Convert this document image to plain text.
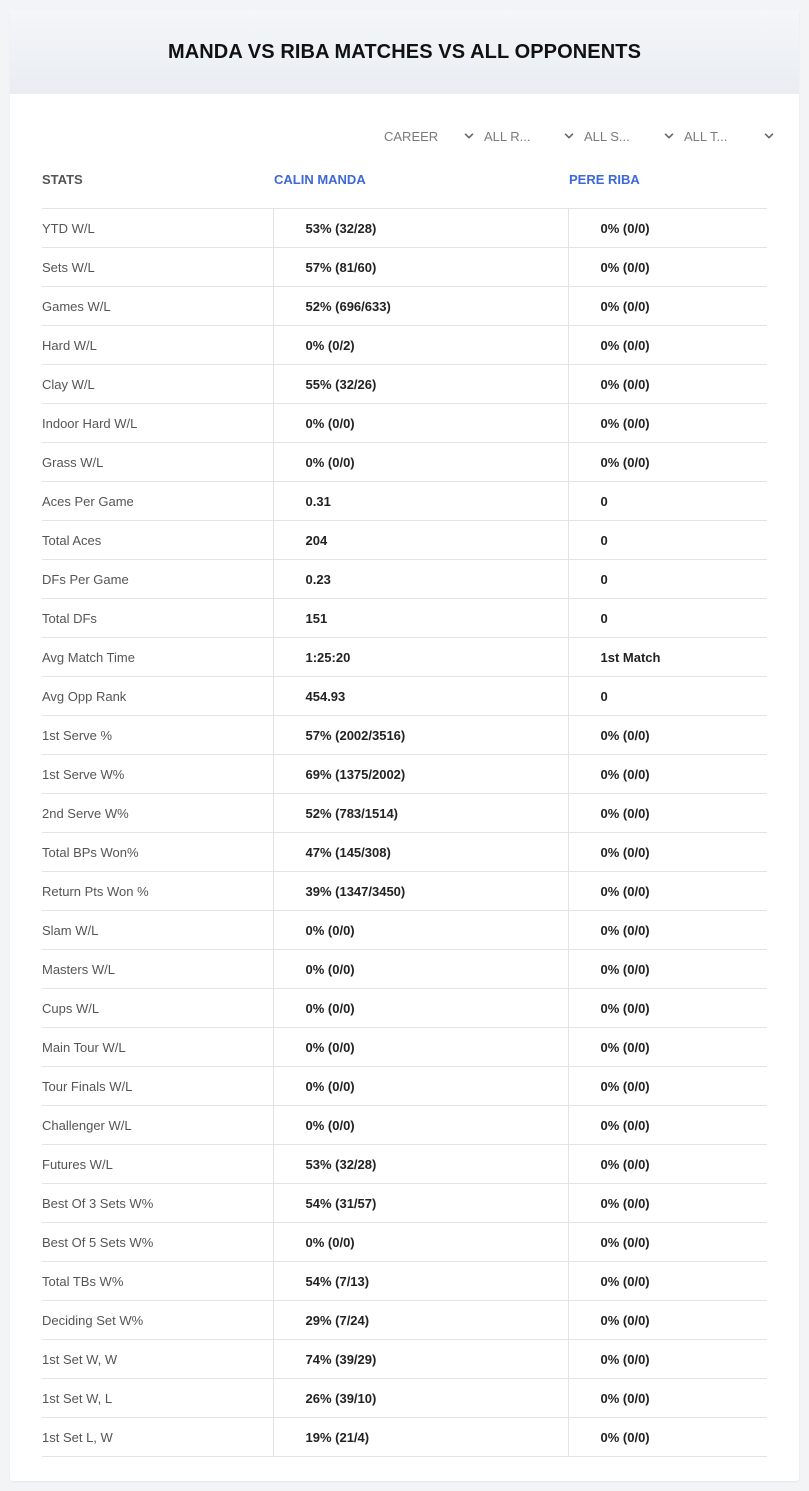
MANDA VS RIBA MATCHES VS ALL OPPONENTS
CAREER	ALL R...	ALL S...	ALL T...
STATS	CALIN MANDA	PERE RIBA
YTD W/L	53% (32/28)	0% (0/0)
Sets W/L	57% (81/60)	0% (0/0)
Games W/L	52% (696/633)	0% (0/0)
Hard W/L	0% (0/2)	0% (0/0)
Clay W/L	55% (32/26)	0% (0/0)
Indoor Hard W/L	0% (0/0)	0% (0/0)
Grass W/L	0% (0/0)	0% (0/0)
Aces Per Game	0.31	0
Total Aces	204	0
DFs Per Game	0.23	0
Total DFs	151	0
Avg Match Time	1:25:20	1st Match
Avg Opp Rank	454.93	0
1st Serve %	57% (2002/3516)	0% (0/0)
1st Serve W%	69% (1375/2002)	0% (0/0)
2nd Serve W%	52% (783/1514)	0% (0/0)
Total BPs Won%	47% (145/308)	0% (0/0)
Return Pts Won %	39% (1347/3450)	0% (0/0)
Slam W/L	0% (0/0)	0% (0/0)
Masters W/L	0% (0/0)	0% (0/0)
Cups W/L	0% (0/0)	0% (0/0)
Main Tour W/L	0% (0/0)	0% (0/0)
Tour Finals W/L	0% (0/0)	0% (0/0)
Challenger W/L	0% (0/0)	0% (0/0)
Futures W/L	53% (32/28)	0% (0/0)
Best Of 3 Sets W%	54% (31/57)	0% (0/0)
Best Of 5 Sets W%	0% (0/0)	0% (0/0)
Total TBs W%	54% (7/13)	0% (0/0)
Deciding Set W%	29% (7/24)	0% (0/0)
1st Set W, W	74% (39/29)	0% (0/0)
1st Set W, L	26% (39/10)	0% (0/0)
1st Set L, W	19% (21/4)	0% (0/0)
